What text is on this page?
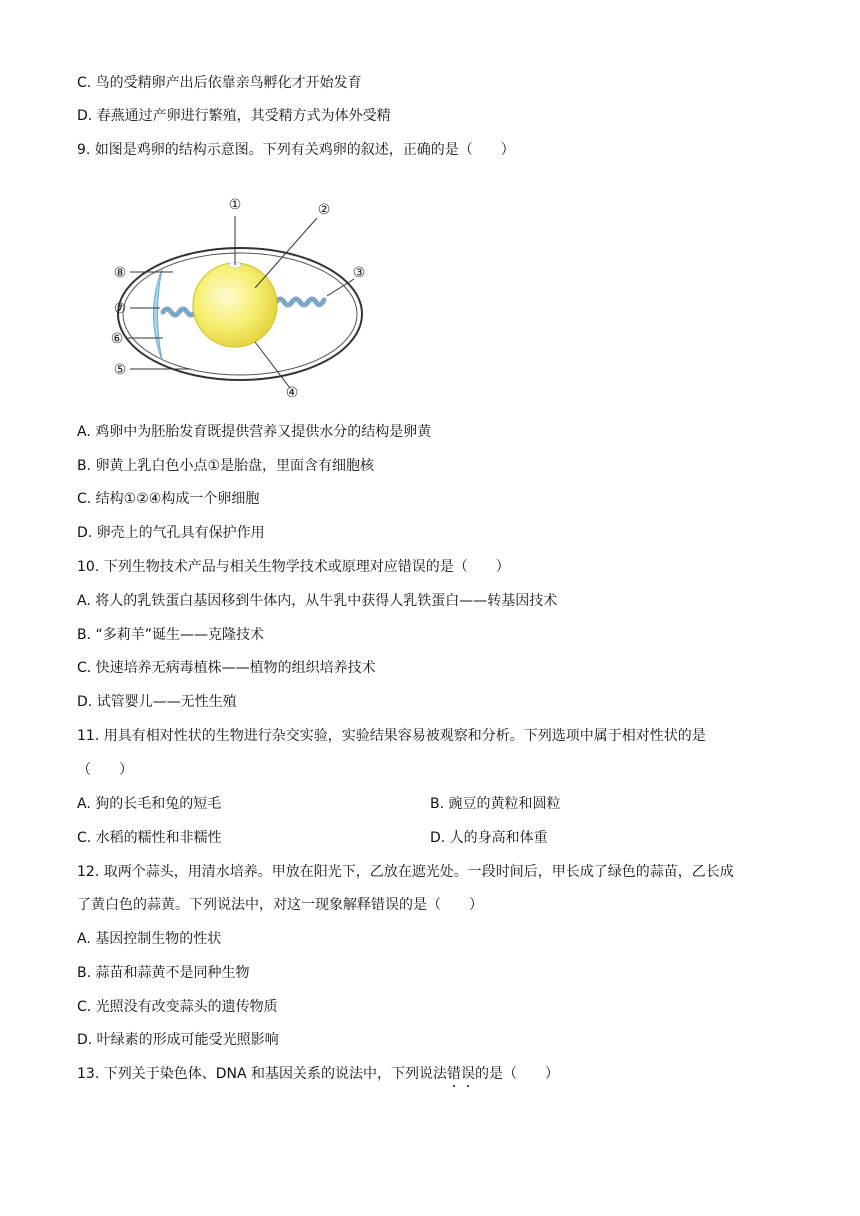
C. 鸟的受精卵产出后依靠亲鸟孵化才开始发育
D. 春燕通过产卵进行繁殖，其受精方式为体外受精
9. 如图是鸡卵的结构示意图。下列有关鸡卵的叙述，正确的是（　　）
①	②
③
④
⑤
⑥
⑦
⑧
A. 鸡卵中为胚胎发育既提供营养又提供水分的结构是卵黄
B. 卵黄上乳白色小点①是胎盘，里面含有细胞核
C. 结构①②④构成一个卵细胞
D. 卵壳上的气孔具有保护作用
10. 下列生物技术产品与相关生物学技术或原理对应错误的是（　　）
A. 将人的乳铁蛋白基因移到牛体内，从牛乳中获得人乳铁蛋白——转基因技术
B. “多莉羊”诞生——克隆技术
C. 快速培养无病毒植株——植物的组织培养技术
D. 试管婴儿——无性生殖
11. 用具有相对性状的生物进行杂交实验，实验结果容易被观察和分析。下列选项中属于相对性状的是
（　　）
A. 狗的长毛和兔的短毛	B. 豌豆的黄粒和圆粒
C. 水稻的糯性和非糯性	D. 人的身高和体重
12. 取两个蒜头，用清水培养。甲放在阳光下，乙放在遮光处。一段时间后，甲长成了绿色的蒜苗，乙长成
了黄白色的蒜黄。下列说法中，对这一现象解释错误的是（　　）
A. 基因控制生物的性状
B. 蒜苗和蒜黄不是同种生物
C. 光照没有改变蒜头的遗传物质
D. 叶绿素的形成可能受光照影响
13. 下列关于染色体、DNA 和基因关系的说法中，下列说法错误的是（　　）
